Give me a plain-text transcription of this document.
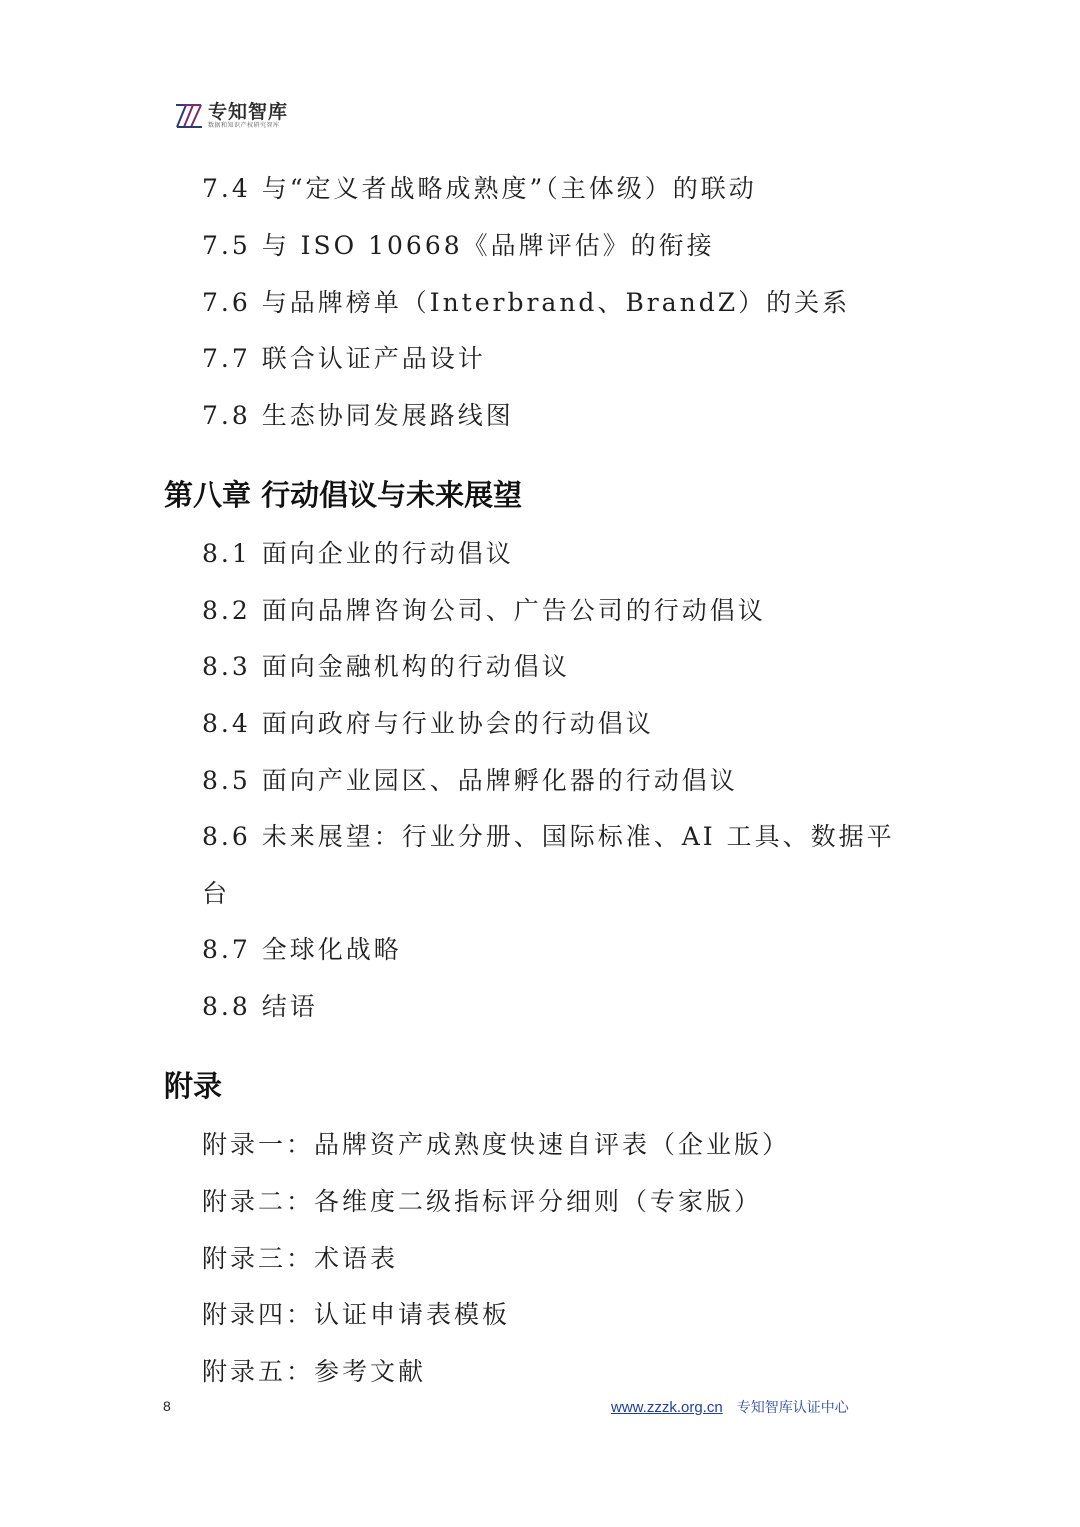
专知智库
数据和知识产权研究智库
7.4 与“定义者战略成熟度”（主体级）的联动
7.5 与 ISO 10668《品牌评估》的衔接
7.6 与品牌榜单（Interbrand、BrandZ）的关系
7.7 联合认证产品设计
7.8 生态协同发展路线图
第八章 行动倡议与未来展望
8.1 面向企业的行动倡议
8.2 面向品牌咨询公司、广告公司的行动倡议
8.3 面向金融机构的行动倡议
8.4 面向政府与行业协会的行动倡议
8.5 面向产业园区、品牌孵化器的行动倡议
8.6 未来展望：行业分册、国际标准、AI 工具、数据平
台
8.7 全球化战略
8.8 结语
附录
附录一：品牌资产成熟度快速自评表（企业版）
附录二：各维度二级指标评分细则（专家版）
附录三：术语表
附录四：认证申请表模板
附录五：参考文献
8	www.zzzk.org.cn 专知智库认证中心
